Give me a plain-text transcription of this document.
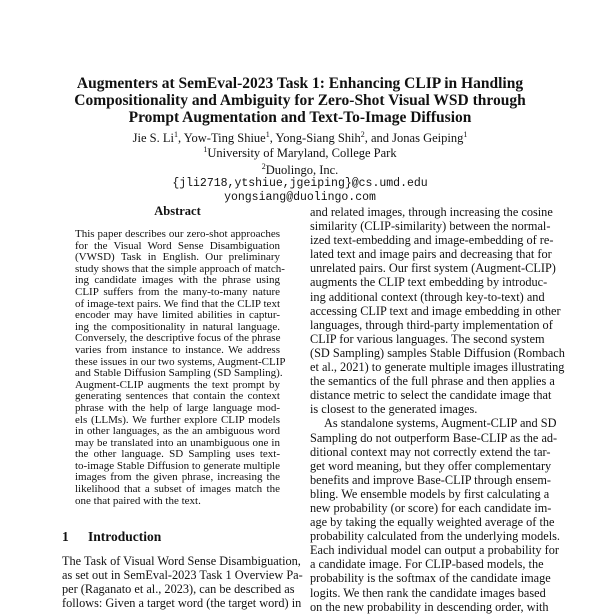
Augmenters at SemEval-2023 Task 1: Enhancing CLIP in Handling
Compositionality and Ambiguity for Zero-Shot Visual WSD through
Prompt Augmentation and Text-To-Image Diffusion
Jie S. Li$^1$, Yow-Ting Shiue$^1$, Yong-Siang Shih$^2$, and Jonas Geiping$^1$
$^1$University of Maryland, College Park
$^2$Duolingo, Inc.
{jli2718,ytshiue,jgeiping}@cs.umd.edu
yongsiang@duolingo.com
Abstract
This paper describes our zero-shot approaches
for the Visual Word Sense Disambiguation
(VWSD) Task in English. Our preliminary
study shows that the simple approach of match-
ing candidate images with the phrase using
CLIP suffers from the many-to-many nature
of image-text pairs. We find that the CLIP text
encoder may have limited abilities in captur-
ing the compositionality in natural language.
Conversely, the descriptive focus of the phrase
varies from instance to instance. We address
these issues in our two systems, Augment-CLIP
and Stable Diffusion Sampling (SD Sampling).
Augment-CLIP augments the text prompt by
generating sentences that contain the context
phrase with the help of large language mod-
els (LLMs). We further explore CLIP models
in other languages, as the an ambiguous word
may be translated into an unambiguous one in
the other language. SD Sampling uses text-
to-image Stable Diffusion to generate multiple
images from the given phrase, increasing the
likelihood that a subset of images match the
one that paired with the text.
1 Introduction
The Task of Visual Word Sense Disambiguation,
as set out in SemEval-2023 Task 1 Overview Pa-
per (Raganato et al., 2023), can be described as
follows: Given a target word (the target word) in
and related images, through increasing the cosine
similarity (CLIP-similarity) between the normal-
ized text-embedding and image-embedding of re-
lated text and image pairs and decreasing that for
unrelated pairs. Our first system (Augment-CLIP)
augments the CLIP text embedding by introduc-
ing additional context (through key-to-text) and
accessing CLIP text and image embedding in other
languages, through third-party implementation of
CLIP for various languages. The second system
(SD Sampling) samples Stable Diffusion (Rombach
et al., 2021) to generate multiple images illustrating
the semantics of the full phrase and then applies a
distance metric to select the candidate image that
is closest to the generated images.
As standalone systems, Augment-CLIP and SD
Sampling do not outperform Base-CLIP as the ad-
ditional context may not correctly extend the tar-
get word meaning, but they offer complementary
benefits and improve Base-CLIP through ensem-
bling. We ensemble models by first calculating a
new probability (or score) for each candidate im-
age by taking the equally weighted average of the
probability calculated from the underlying models.
Each individual model can output a probability for
a candidate image. For CLIP-based models, the
probability is the softmax of the candidate image
logits. We then rank the candidate images based
on the new probability in descending order, with
